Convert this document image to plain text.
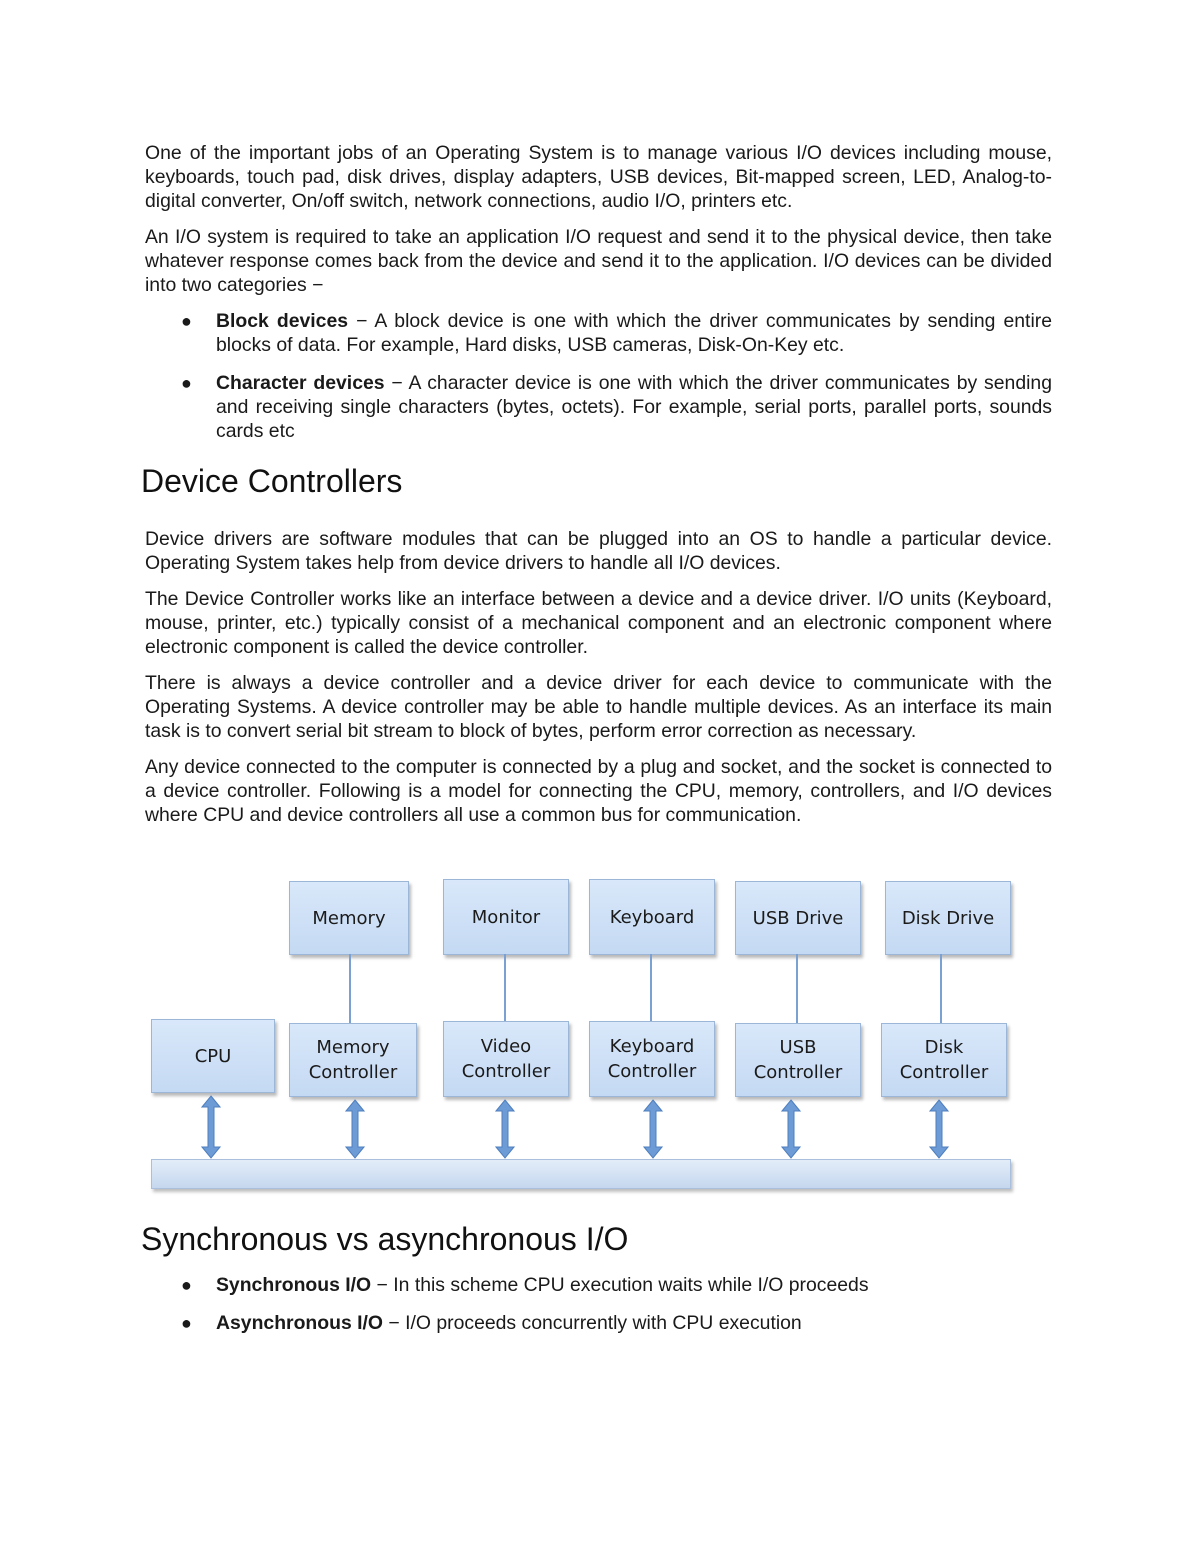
One of the important jobs of an Operating System is to manage various I/O devices including mouse, keyboards, touch pad, disk drives, display adapters, USB devices, Bit-mapped screen, LED, Analog-to-digital converter, On/off switch, network connections, audio I/O, printers etc.

An I/O system is required to take an application I/O request and send it to the physical device, then take whatever response comes back from the device and send it to the application. I/O devices can be divided into two categories −

● Block devices − A block device is one with which the driver communicates by sending entire blocks of data. For example, Hard disks, USB cameras, Disk-On-Key etc.
● Character devices − A character device is one with which the driver communicates by sending and receiving single characters (bytes, octets). For example, serial ports, parallel ports, sounds cards etc
Device Controllers

Device drivers are software modules that can be plugged into an OS to handle a particular device. Operating System takes help from device drivers to handle all I/O devices.

The Device Controller works like an interface between a device and a device driver. I/O units (Keyboard, mouse, printer, etc.) typically consist of a mechanical component and an electronic component where electronic component is called the device controller.

There is always a device controller and a device driver for each device to communicate with the Operating Systems. A device controller may be able to handle multiple devices. As an interface its main task is to convert serial bit stream to block of bytes, perform error correction as necessary.

Any device connected to the computer is connected by a plug and socket, and the socket is connected to a device controller. Following is a model for connecting the CPU, memory, controllers, and I/O devices where CPU and device controllers all use a common bus for communication.

Memory	Monitor	Keyboard	USB Drive	Disk Drive
CPU	Memory
Controller
Video
Controller
Keyboard
Controller
USB
Controller
Disk
Controller
Synchronous vs asynchronous I/O
● Synchronous I/O − In this scheme CPU execution waits while I/O proceeds
● Asynchronous I/O − I/O proceeds concurrently with CPU execution
